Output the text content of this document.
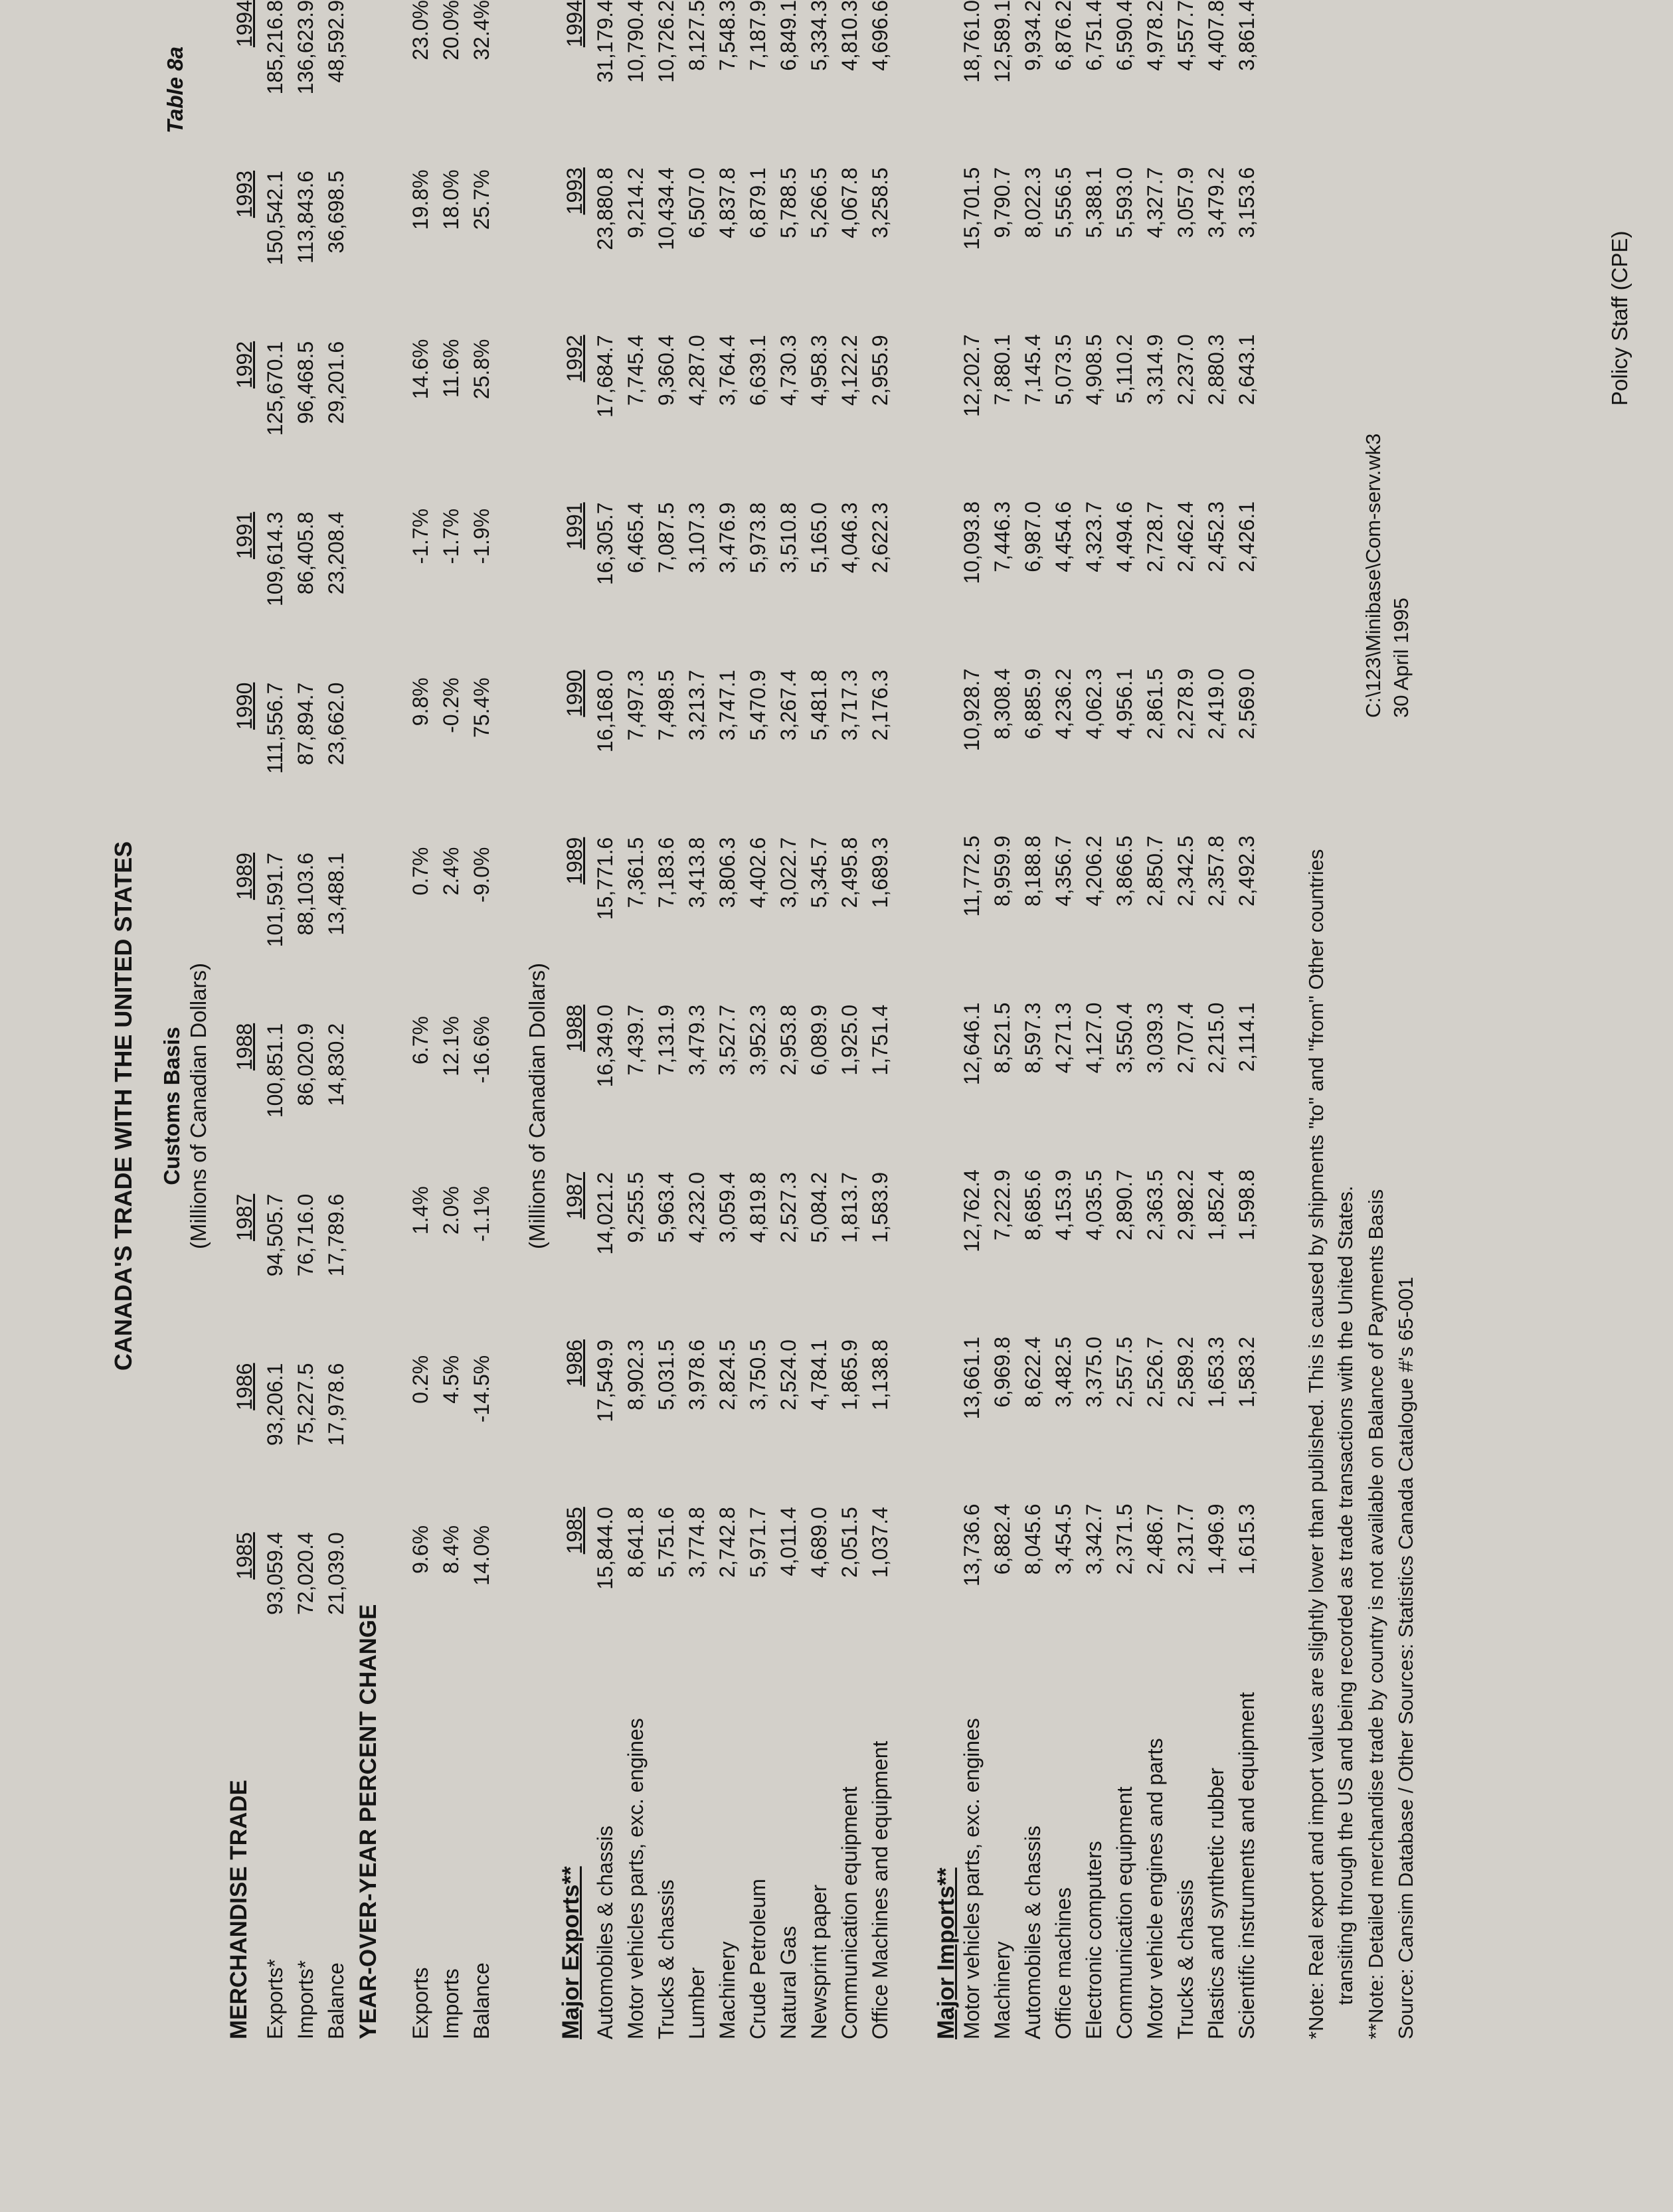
Table 8a
CANADA'S TRADE WITH THE UNITED STATES Customs Basis (Millions of Canadian Dollars)
MERCHANDISE TRADE
	1985	1986	1987	1988	1989	1990	1991	1992	1993	1994
Exports*	93,059.4	93,206.1	94,505.7	100,851.1	101,591.7	111,556.7	109,614.3	125,670.1	150,542.1	185,216.8
Imports*	72,020.4	75,227.5	76,716.0	86,020.9	88,103.6	87,894.7	86,405.8	96,468.5	113,843.6	136,623.9
Balance	21,039.0	17,978.6	17,789.6	14,830.2	13,488.1	23,662.0	23,208.4	29,201.6	36,698.5	48,592.9
YEAR-OVER-YEAR PERCENT CHANGE Exports	9.6%	0.2%	1.4%	6.7%	0.7%	9.8%	-1.7%	14.6%	19.8%	23.0%
Imports	8.4%	4.5%	2.0%	12.1%	2.4%	-0.2%	-1.7%	11.6%	18.0%	20.0%
Balance	14.0%	-14.5%	-1.1%	-16.6%	-9.0%	75.4%	-1.9%	25.8%	25.7%	32.4%
(Millions of Canadian Dollars)
Major Exports**
	1985	1986	1987	1988	1989	1990	1991	1992	1993	1994
Automobiles & chassis	15,844.0	17,549.9	14,021.2	16,349.0	15,771.6	16,168.0	16,305.7	17,684.7	23,880.8	31,179.4
Motor vehicles parts, exc. engines	8,641.8	8,902.3	9,255.5	7,439.7	7,361.5	7,497.3	6,465.4	7,745.4	9,214.2	10,790.4
Trucks & chassis	5,751.6	5,031.5	5,963.4	7,131.9	7,183.6	7,498.5	7,087.5	9,360.4	10,434.4	10,726.2
Lumber	3,774.8	3,978.6	4,232.0	3,479.3	3,413.8	3,213.7	3,107.3	4,287.0	6,507.0	8,127.5
Machinery	2,742.8	2,824.5	3,059.4	3,527.7	3,806.3	3,747.1	3,476.9	3,764.4	4,837.8	7,548.3
Crude Petroleum	5,971.7	3,750.5	4,819.8	3,952.3	4,402.6	5,470.9	5,973.8	6,639.1	6,879.1	7,187.9
Natural Gas	4,011.4	2,524.0	2,527.3	2,953.8	3,022.7	3,267.4	3,510.8	4,730.3	5,788.5	6,849.1
Newsprint paper	4,689.0	4,784.1	5,084.2	6,089.9	5,345.7	5,481.8	5,165.0	4,958.3	5,266.5	5,334.3
Communication equipment	2,051.5	1,865.9	1,813.7	1,925.0	2,495.8	3,717.3	4,046.3	4,122.2	4,067.8	4,810.3
Office Machines and equipment	1,037.4	1,138.8	1,583.9	1,751.4	1,689.3	2,176.3	2,622.3	2,955.9	3,258.5	4,696.6
Major Imports** Motor vehicles parts, exc. engines	13,736.6	13,661.1	12,762.4	12,646.1	11,772.5	10,928.7	10,093.8	12,202.7	15,701.5	18,761.0
Machinery	6,882.4	6,969.8	7,222.9	8,521.5	8,959.9	8,308.4	7,446.3	7,880.1	9,790.7	12,589.1
Automobiles & chassis	8,045.6	8,622.4	8,685.6	8,597.3	8,188.8	6,885.9	6,987.0	7,145.4	8,022.3	9,934.2
Office machines	3,454.5	3,482.5	4,153.9	4,271.3	4,356.7	4,236.2	4,454.6	5,073.5	5,556.5	6,876.2
Electronic computers	3,342.7	3,375.0	4,035.5	4,127.0	4,206.2	4,062.3	4,323.7	4,908.5	5,388.1	6,751.4
Communication equipment	2,371.5	2,557.5	2,890.7	3,550.4	3,866.5	4,956.1	4,494.6	5,110.2	5,593.0	6,590.4
Motor vehicle engines and parts	2,486.7	2,526.7	2,363.5	3,039.3	2,850.7	2,861.5	2,728.7	3,314.9	4,327.7	4,978.2
Trucks & chassis	2,317.7	2,589.2	2,982.2	2,707.4	2,342.5	2,278.9	2,462.4	2,237.0	3,057.9	4,557.7
Plastics and synthetic rubber	1,496.9	1,653.3	1,852.4	2,215.0	2,357.8	2,419.0	2,452.3	2,880.3	3,479.2	4,407.8
Scientific instruments and equipment	1,615.3	1,583.2	1,598.8	2,114.1	2,492.3	2,569.0	2,426.1	2,643.1	3,153.6	3,861.4
*Note: Real export and import values are slightly lower than published. This is caused by shipments "to" and "from" Other countries
transiting through the US and being recorded as trade transactions with the United States. **Note: Detailed merchandise trade by country is not available on Balance of Payments Basis Source: Cansim Database / Other Sources: Statistics Canada Catalogue #'s 65-001
C:\123\Minibase\Com-serv.wk3 30 April 1995
Policy Staff (CPE)
